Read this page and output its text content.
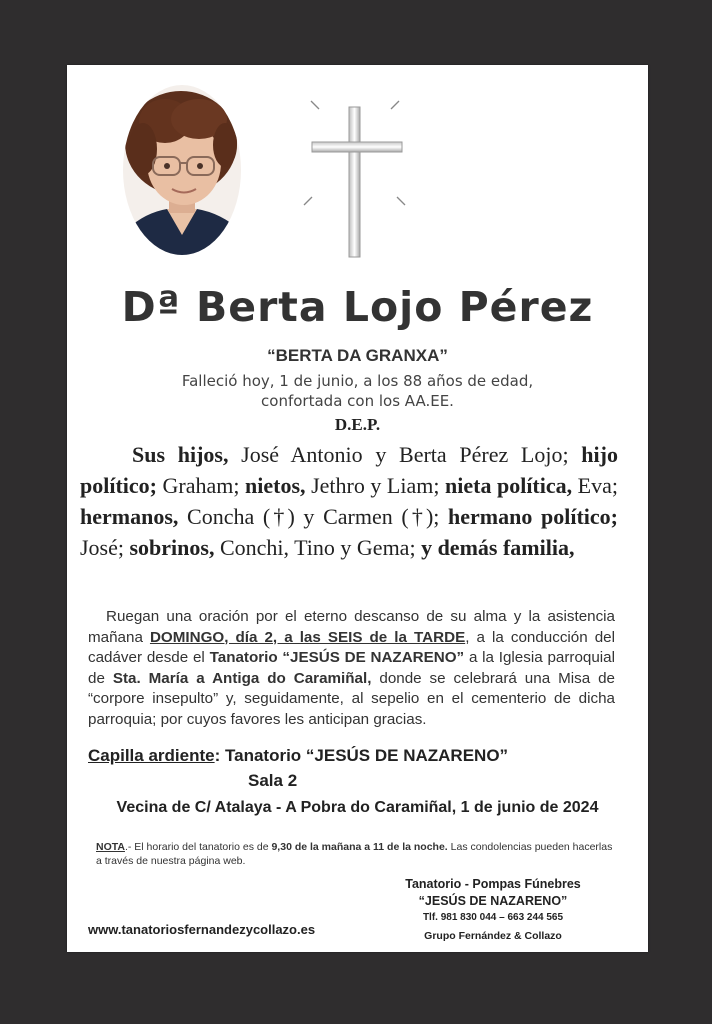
Dª Berta Lojo Pérez
“BERTA DA GRANXA”
Falleció hoy, 1 de junio, a los 88 años de edad,
confortada con los AA.EE.
D.E.P.
Sus hijos, José Antonio y Berta Pérez Lojo; hijo político; Graham; nietos, Jethro y Liam; nieta política, Eva; hermanos, Concha (†) y Carmen (†); hermano político; José; sobrinos, Conchi, Tino y Gema; y demás familia,
Ruegan una oración por el eterno descanso de su alma y la asistencia mañana DOMINGO, día 2, a las SEIS de la TARDE, a la conducción del cadáver desde el Tanatorio “JESÚS DE NAZARENO” a la Iglesia parroquial de Sta. María a Antiga do Caramiñal, donde se celebrará una Misa de “corpore insepulto” y, seguidamente, al sepelio en el cementerio de dicha parroquia; por cuyos favores les anticipan gracias.
Capilla ardiente: Tanatorio “JESÚS DE NAZARENO”
Sala 2
Vecina de C/ Atalaya - A Pobra do Caramiñal, 1 de junio de 2024
NOTA.- El horario del tanatorio es de 9,30 de la mañana a 11 de la noche. Las condolencias pueden hacerlas a través de nuestra página web.
Tanatorio - Pompas Fúnebres
“JESÚS DE NAZARENO”
Tlf. 981 830 044 – 663 244 565
Grupo Fernández & Collazo
www.tanatoriosfernandezycollazo.es
